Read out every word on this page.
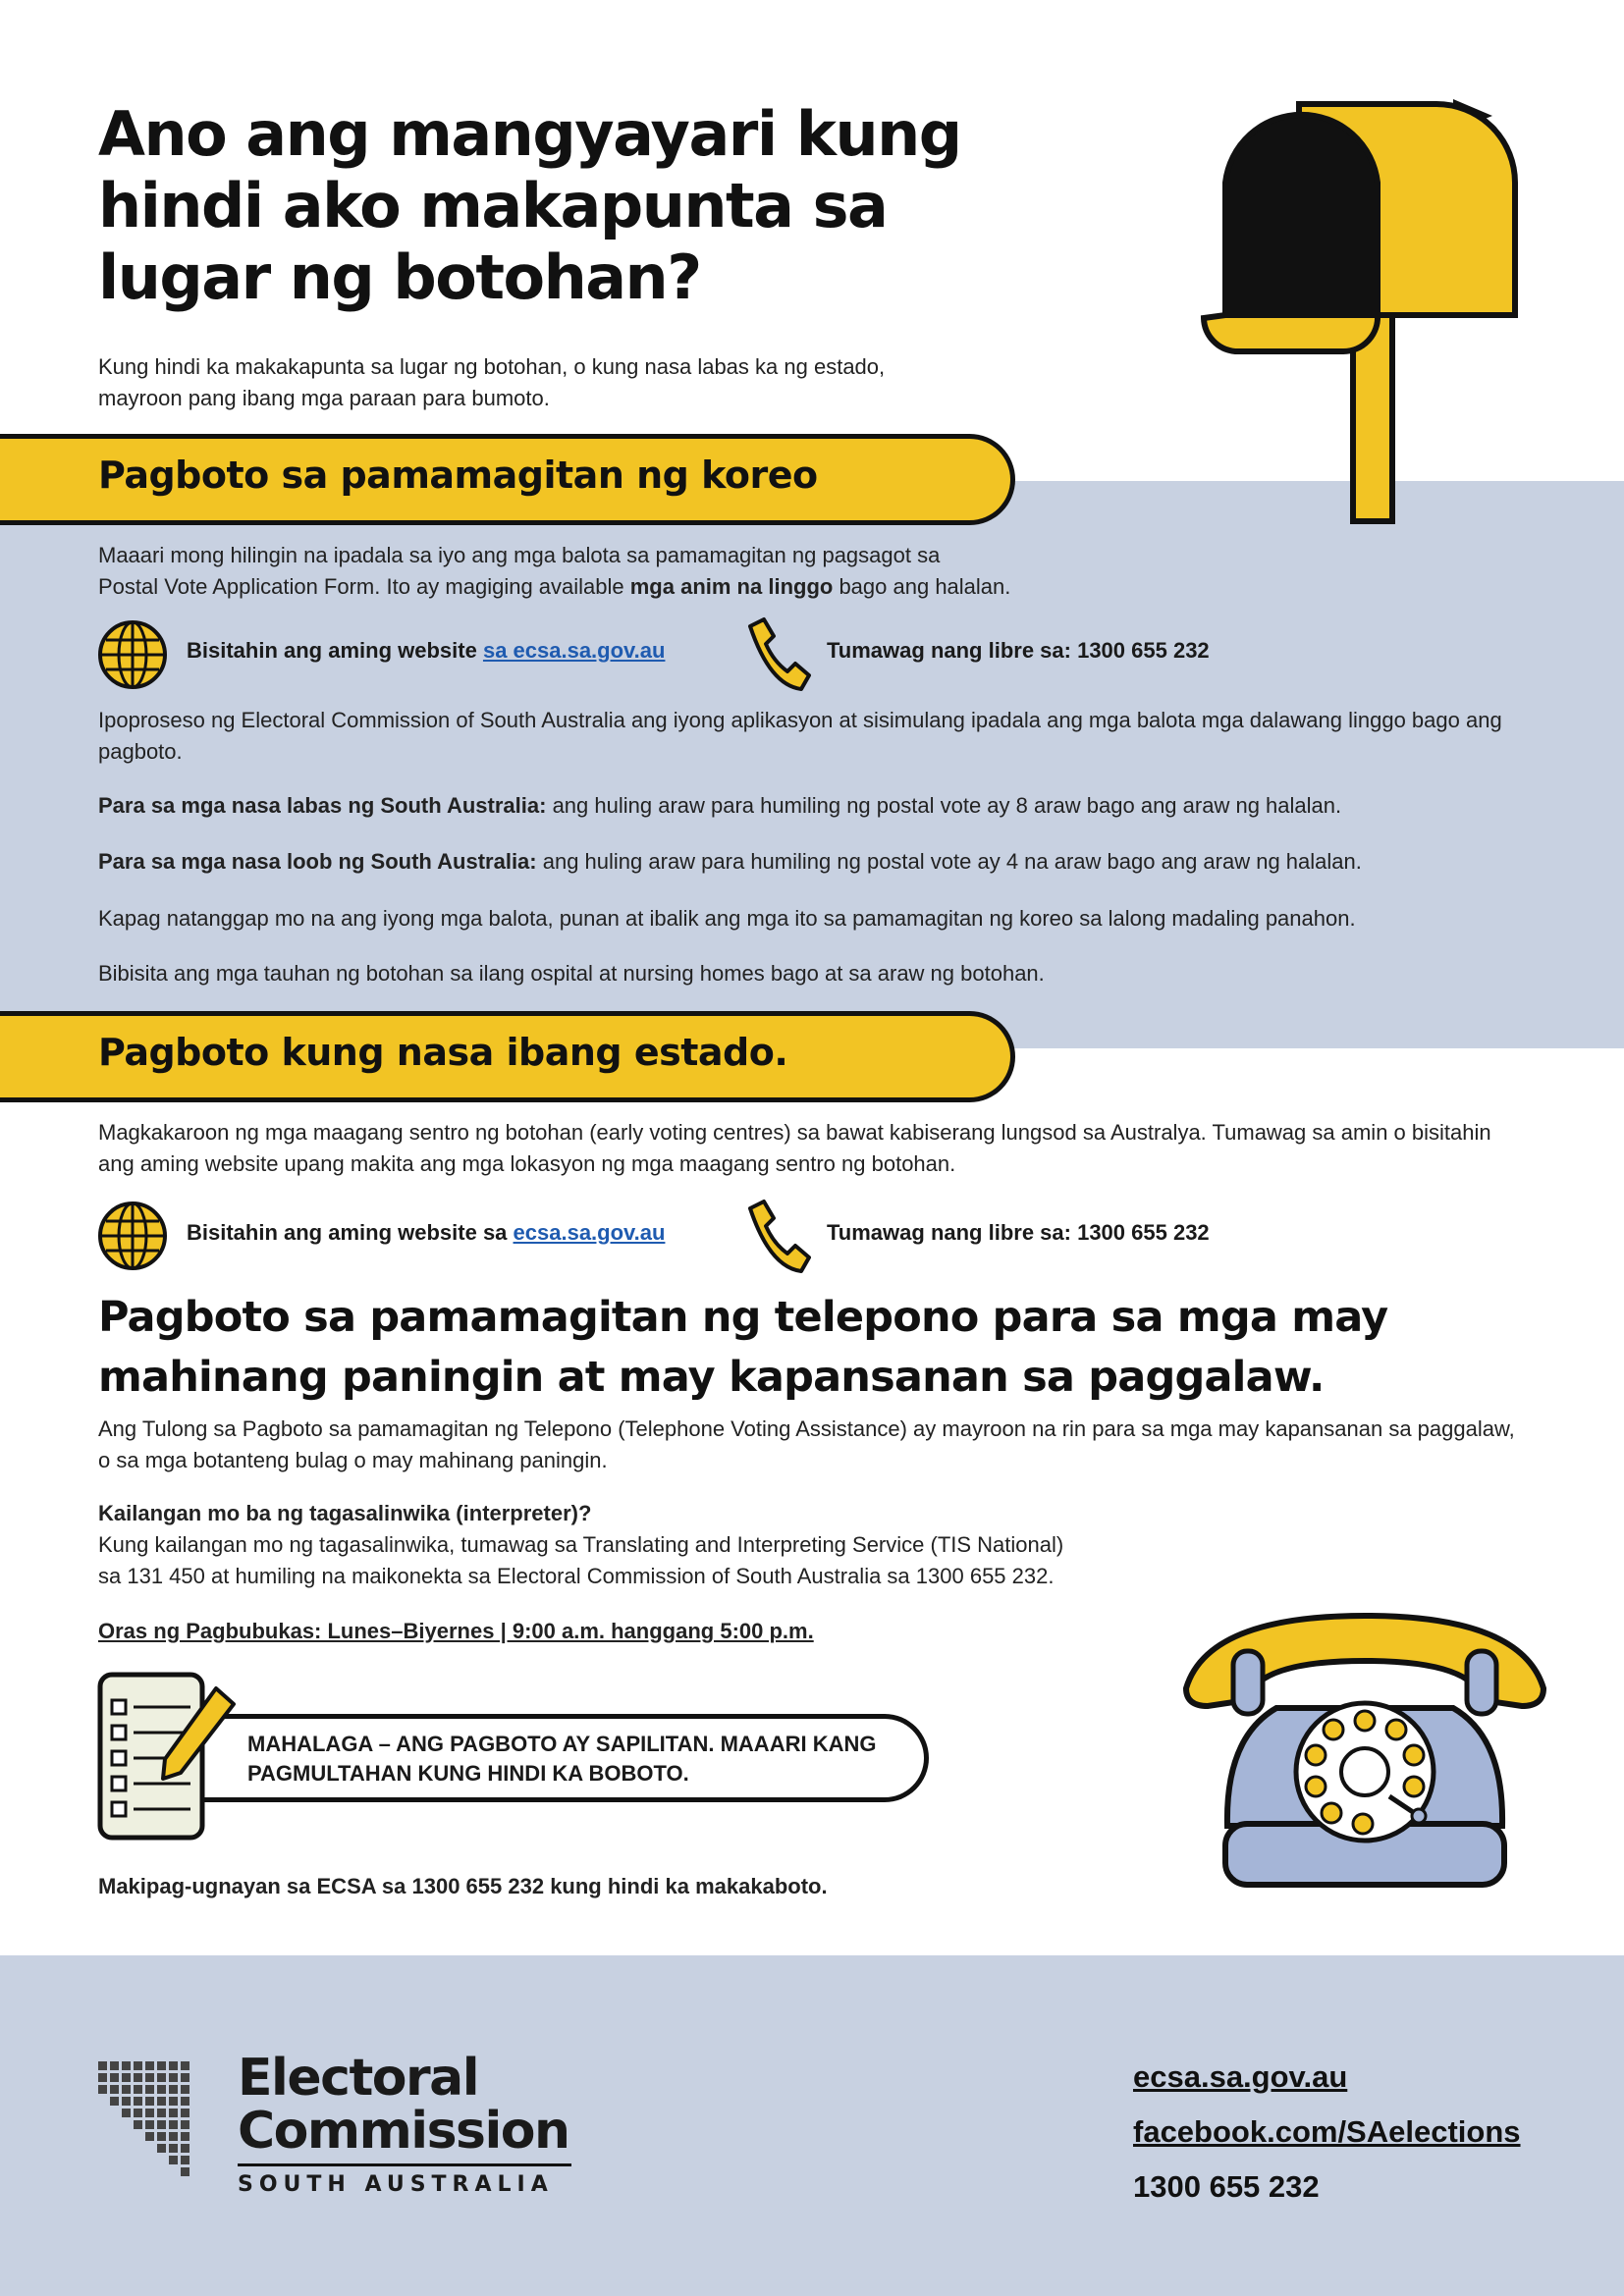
Ano ang mangyayari kung
hindi ako makapunta sa
lugar ng botohan?
Kung hindi ka makakapunta sa lugar ng botohan, o kung nasa labas ka ng estado,
mayroon pang ibang mga paraan para bumoto.
Pagboto sa pamamagitan ng koreo
Maaari mong hilingin na ipadala sa iyo ang mga balota sa pamamagitan ng pagsagot sa
Postal Vote Application Form. Ito ay magiging available mga anim na linggo bago ang halalan.
Bisitahin ang aming website sa ecsa.sa.gov.au	Tumawag nang libre sa: 1300 655 232
Ipoproseso ng Electoral Commission of South Australia ang iyong aplikasyon at sisimulang ipadala ang mga balota mga dalawang linggo bago ang pagboto.
Para sa mga nasa labas ng South Australia: ang huling araw para humiling ng postal vote ay 8 araw bago ang araw ng halalan.
Para sa mga nasa loob ng South Australia: ang huling araw para humiling ng postal vote ay 4 na araw bago ang araw ng halalan.
Kapag natanggap mo na ang iyong mga balota, punan at ibalik ang mga ito sa pamamagitan ng koreo sa lalong madaling panahon.
Bibisita ang mga tauhan ng botohan sa ilang ospital at nursing homes bago at sa araw ng botohan.
Pagboto kung nasa ibang estado.
Magkakaroon ng mga maagang sentro ng botohan (early voting centres) sa bawat kabiserang lungsod sa Australya. Tumawag sa amin o bisitahin ang aming website upang makita ang mga lokasyon ng mga maagang sentro ng botohan.
Bisitahin ang aming website sa ecsa.sa.gov.au	Tumawag nang libre sa: 1300 655 232
Pagboto sa pamamagitan ng telepono para sa mga may
mahinang paningin at may kapansanan sa paggalaw.
Ang Tulong sa Pagboto sa pamamagitan ng Telepono (Telephone Voting Assistance) ay mayroon na rin para sa mga may kapansanan sa paggalaw, o sa mga botanteng bulag o may mahinang paningin.
Kailangan mo ba ng tagasalinwika (interpreter)?
Kung kailangan mo ng tagasalinwika, tumawag sa Translating and Interpreting Service (TIS National)
sa 131 450 at humiling na maikonekta sa Electoral Commission of South Australia sa 1300 655 232.
Oras ng Pagbubukas: Lunes–Biyernes | 9:00 a.m. hanggang 5:00 p.m.
MAHALAGA – ANG PAGBOTO AY SAPILITAN. MAAARI KANG
PAGMULTAHAN KUNG HINDI KA BOBOTO.
Makipag-ugnayan sa ECSA sa 1300 655 232 kung hindi ka makakaboto.
Electoral
Commission
SOUTH AUSTRALIA
ecsa.sa.gov.au
facebook.com/SAelections
1300 655 232
